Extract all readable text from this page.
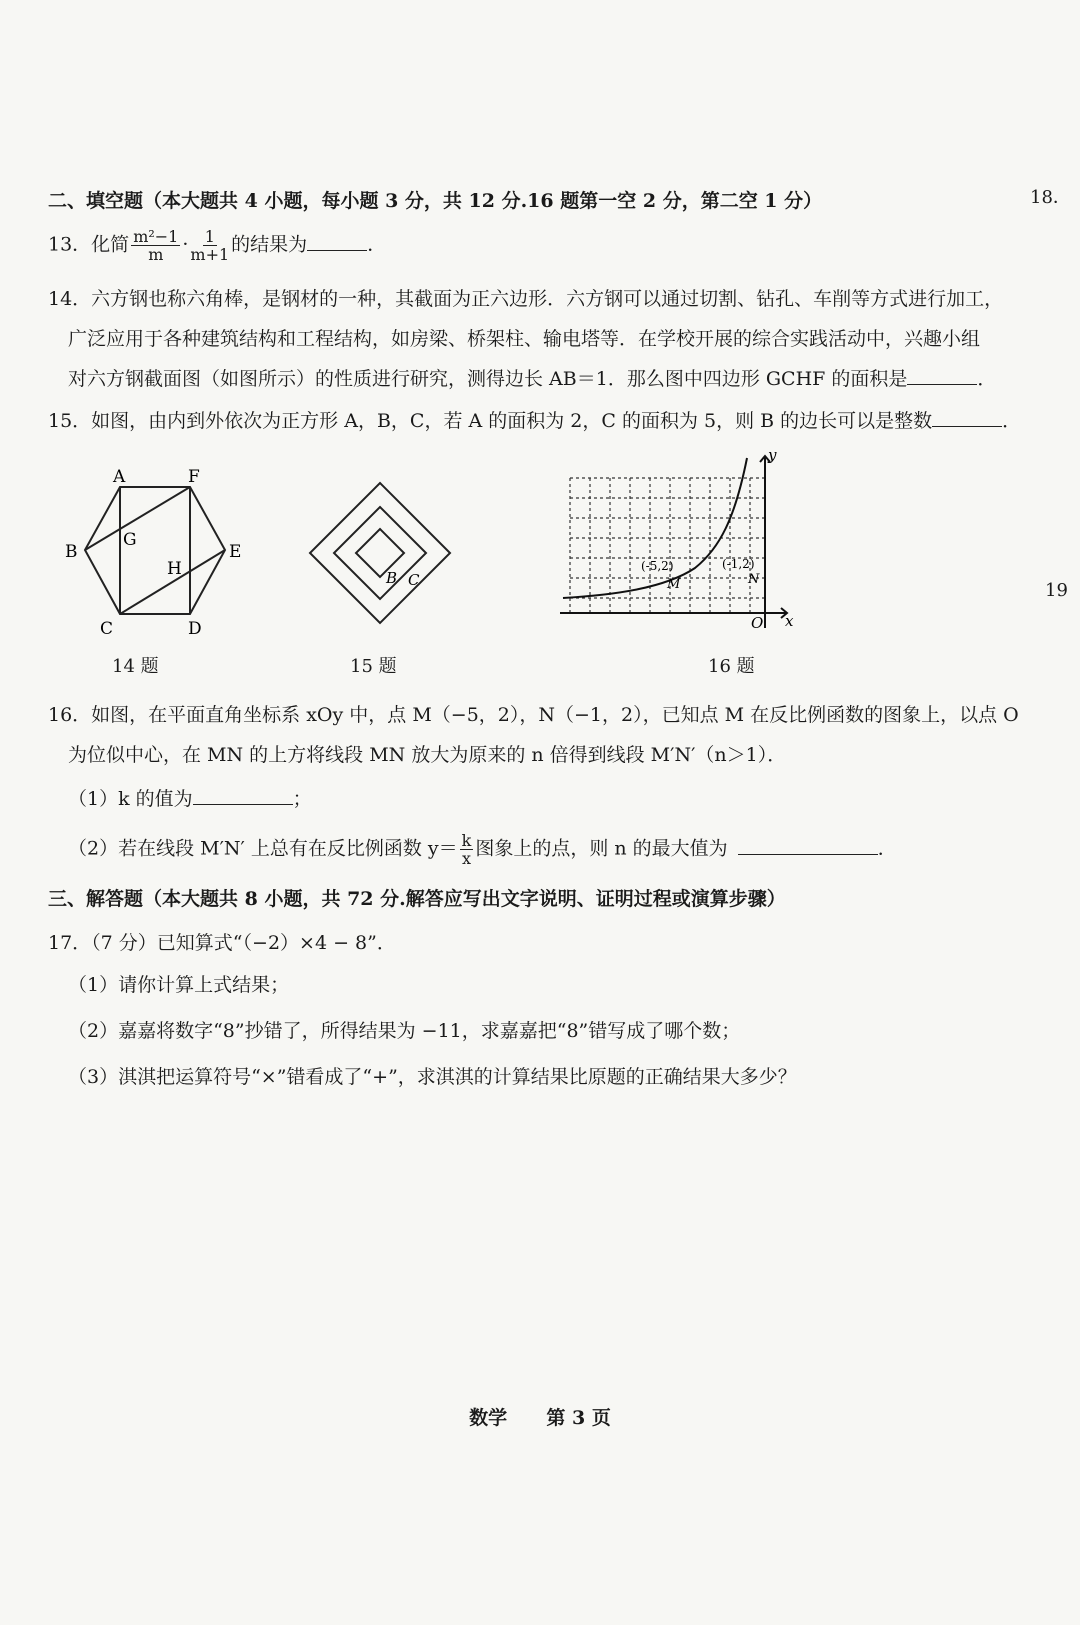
二、填空题（本大题共 4 小题，每小题 3 分，共 12 分.16 题第一空 2 分，第二空 1 分）
13．化简 $\frac{\text{m²−1}}{m} \cdot \frac{1}{m+1}$ 的结果为	．
14．六方钢也称六角棒，是钢材的一种，其截面为正六边形．六方钢可以通过切割、钻孔、车削等方式进行加工，
广泛应用于各种建筑结构和工程结构，如房梁、桥架柱、输电塔等．在学校开展的综合实践活动中，兴趣小组
对六方钢截面图（如图所示）的性质进行研究，测得边长 AB＝1．那么图中四边形 GCHF 的面积是	．
15．如图，由内到外依次为正方形 A，B，C，若 A 的面积为 2，C 的面积为 5，则 B 的边长可以是整数	．
A	F
B
G
E
H
C	D
14 题
B C
15 题
y
x
O
M	N
(-5,2)	(-1,2)
16 题
16．如图，在平面直角坐标系 xOy 中，点 M（−5，2），N（−1，2），已知点 M 在反比例函数的图象上，以点 O
为位似中心，在 MN 的上方将线段 MN 放大为原来的 n 倍得到线段 M′N′（n＞1）．
（1）k 的值为	；
（2）若在线段 M′N′ 上总有在反比例函数 $y= \frac{k}{x}$ 图象上的点，则 n 的最大值为	．
三、解答题（本大题共 8 小题，共 72 分.解答应写出文字说明、证明过程或演算步骤）
17．（7 分）已知算式“（−2）×4 − 8”．
（1）请你计算上式结果；
（2）嘉嘉将数字“8”抄错了，所得结果为 −11，求嘉嘉把“8”错写成了哪个数；
（3）淇淇把运算符号“×”错看成了“+”，求淇淇的计算结果比原题的正确结果大多少？
数学 第 3 页
18．
19
